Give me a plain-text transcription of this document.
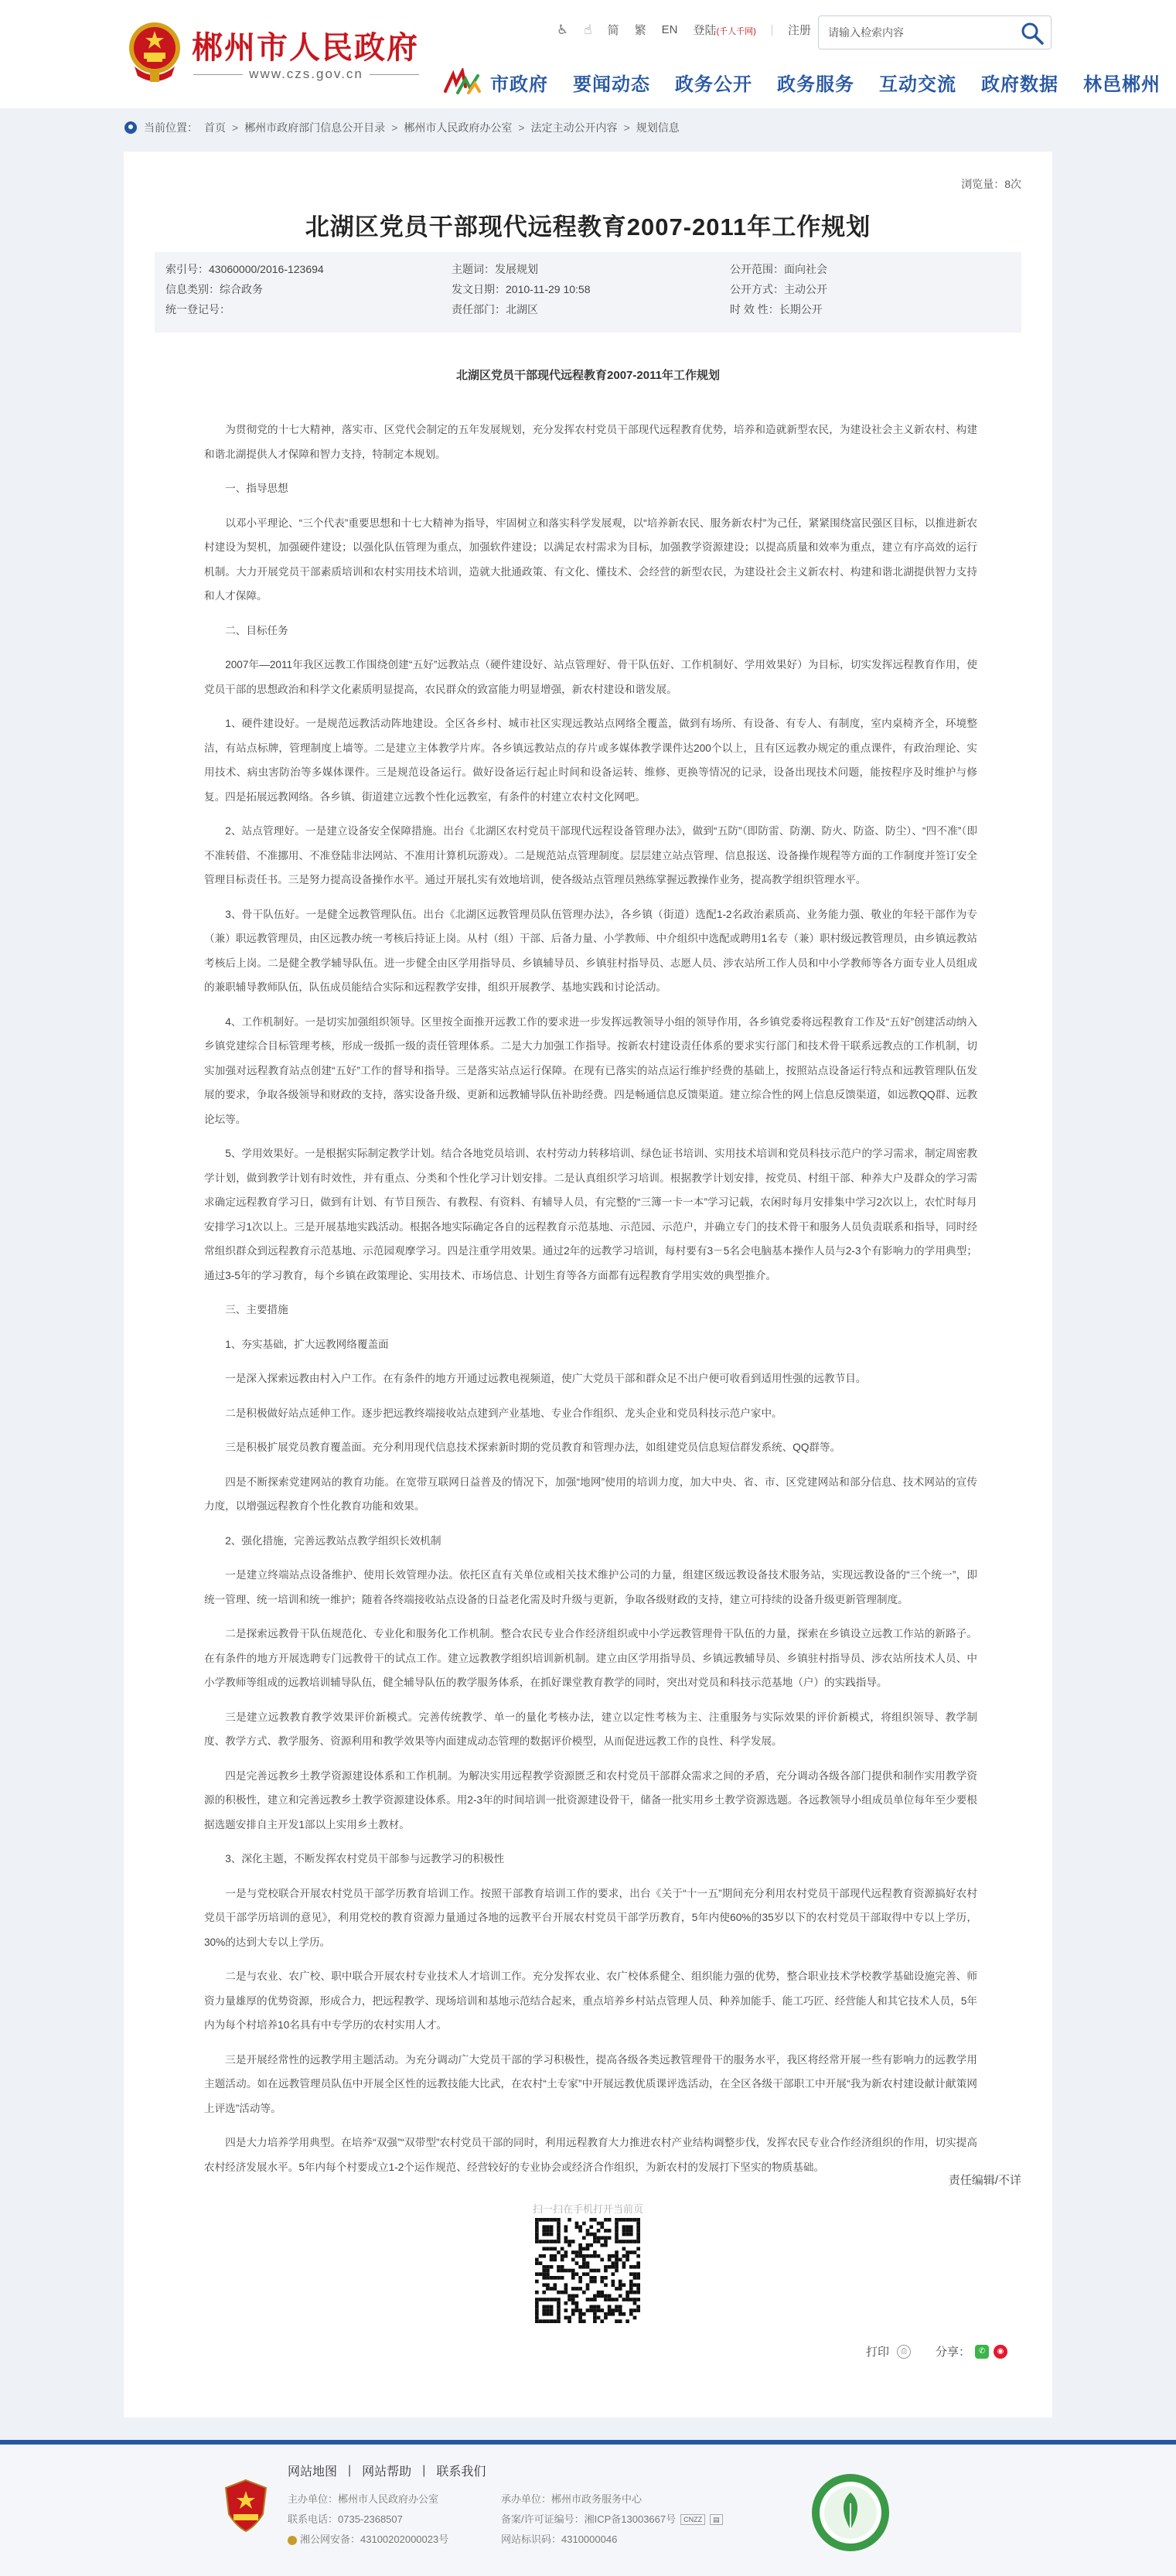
郴州市人民政府
www.czs.gov.cn
♿ ☝ 简 繁 EN 登陆(千人千网)	注册
请输入检索内容
市政府 要闻动态 政务公开 政务服务 互动交流 政府数据 林邑郴州
当前位置： 首页 > 郴州市政府部门信息公开目录 > 郴州市人民政府办公室 > 法定主动公开内容 > 规划信息
浏览量：8次
北湖区党员干部现代远程教育2007-2011年工作规划
索引号：43060000/2016-123694	主题词：发展规划	公开范围：面向社会
信息类别：综合政务	发文日期：2010-11-29 10:58	公开方式：主动公开
统一登记号：	责任部门：北湖区	时 效 性：长期公开
北湖区党员干部现代远程教育2007-2011年工作规划

为贯彻党的十七大精神，落实市、区党代会制定的五年发展规划，充分发挥农村党员干部现代远程教育优势，培养和造就新型农民，为建设社会主义新农村、构建和谐北湖提供人才保障和智力支持，特制定本规划。

一、指导思想

以邓小平理论、“三个代表”重要思想和十七大精神为指导，牢固树立和落实科学发展观，以“培养新农民、服务新农村”为己任，紧紧围绕富民强区目标，以推进新农村建设为契机，加强硬件建设；以强化队伍管理为重点，加强软件建设；以满足农村需求为目标，加强教学资源建设；以提高质量和效率为重点，建立有序高效的运行机制。大力开展党员干部素质培训和农村实用技术培训，造就大批通政策、有文化、懂技术、会经营的新型农民，为建设社会主义新农村、构建和谐北湖提供智力支持和人才保障。

二、目标任务

2007年—2011年我区远教工作围绕创建“五好”远教站点（硬件建设好、站点管理好、骨干队伍好、工作机制好、学用效果好）为目标，切实发挥远程教育作用，使党员干部的思想政治和科学文化素质明显提高，农民群众的致富能力明显增强，新农村建设和谐发展。

1、硬件建设好。一是规范远教活动阵地建设。全区各乡村、城市社区实现远教站点网络全覆盖，做到有场所、有设备、有专人、有制度，室内桌椅齐全，环境整洁，有站点标牌，管理制度上墙等。二是建立主体教学片库。各乡镇远教站点的存片或多媒体教学课件达200个以上，且有区远教办规定的重点课件，有政治理论、实用技术、病虫害防治等多媒体课件。三是规范设备运行。做好设备运行起止时间和设备运转、维修、更换等情况的记录，设备出现技术问题，能按程序及时维护与修复。四是拓展远教网络。各乡镇、街道建立远教个性化远教室，有条件的村建立农村文化网吧。

2、站点管理好。一是建立设备安全保障措施。出台《北湖区农村党员干部现代远程设备管理办法》，做到“五防”（即防雷、防潮、防火、防盗、防尘）、“四不准”（即不准转借、不准挪用、不准登陆非法网站、不准用计算机玩游戏）。二是规范站点管理制度。层层建立站点管理、信息报送、设备操作规程等方面的工作制度并签订安全管理目标责任书。三是努力提高设备操作水平。通过开展扎实有效地培训，使各级站点管理员熟练掌握远教操作业务，提高教学组织管理水平。

3、骨干队伍好。一是健全远教管理队伍。出台《北湖区远教管理员队伍管理办法》，各乡镇（街道）选配1-2名政治素质高、业务能力强、敬业的年轻干部作为专（兼）职远教管理员，由区远教办统一考核后持证上岗。从村（组）干部、后备力量、小学教师、中介组织中选配或聘用1名专（兼）职村级远教管理员，由乡镇远教站考核后上岗。二是健全教学辅导队伍。进一步健全由区学用指导员、乡镇辅导员、乡镇驻村指导员、志愿人员、涉农站所工作人员和中小学教师等各方面专业人员组成的兼职辅导教师队伍，队伍成员能结合实际和远程教学安排，组织开展教学、基地实践和讨论活动。

4、工作机制好。一是切实加强组织领导。区里按全面推开远教工作的要求进一步发挥远教领导小组的领导作用，各乡镇党委将远程教育工作及“五好”创建活动纳入乡镇党建综合目标管理考核，形成一级抓一级的责任管理体系。二是大力加强工作指导。按新农村建设责任体系的要求实行部门和技术骨干联系远教点的工作机制，切实加强对远程教育站点创建“五好”工作的督导和指导。三是落实站点运行保障。在现有已落实的站点运行维护经费的基础上，按照站点设备运行特点和远教管理队伍发展的要求，争取各级领导和财政的支持，落实设备升级、更新和远教辅导队伍补助经费。四是畅通信息反馈渠道。建立综合性的网上信息反馈渠道，如远教QQ群、远教论坛等。

5、学用效果好。一是根据实际制定教学计划。结合各地党员培训、农村劳动力转移培训、绿色证书培训、实用技术培训和党员科技示范户的学习需求，制定周密教学计划，做到教学计划有时效性，并有重点、分类和个性化学习计划安排。二是认真组织学习培训。根据教学计划安排，按党员、村组干部、种养大户及群众的学习需求确定远程教育学习日，做到有计划、有节目预告、有教程、有资料、有辅导人员，有完整的“三簿一卡一本”学习记载，农闲时每月安排集中学习2次以上，农忙时每月安排学习1次以上。三是开展基地实践活动。根据各地实际确定各自的远程教育示范基地、示范园、示范户，并确立专门的技术骨干和服务人员负责联系和指导，同时经常组织群众到远程教育示范基地、示范园观摩学习。四是注重学用效果。通过2年的远教学习培训，每村要有3－5名会电脑基本操作人员与2-3个有影响力的学用典型；通过3-5年的学习教育，每个乡镇在政策理论、实用技术、市场信息、计划生育等各方面都有远程教育学用实效的典型推介。

三、主要措施

1、夯实基础，扩大远教网络覆盖面

一是深入探索远教由村入户工作。在有条件的地方开通过远教电视频道，使广大党员干部和群众足不出户便可收看到适用性强的远教节目。

二是积极做好站点延伸工作。逐步把远教终端接收站点建到产业基地、专业合作组织、龙头企业和党员科技示范户家中。

三是积极扩展党员教育覆盖面。充分利用现代信息技术探索新时期的党员教育和管理办法，如组建党员信息短信群发系统、QQ群等。

四是不断探索党建网站的教育功能。在宽带互联网日益普及的情况下，加强“地网”使用的培训力度，加大中央、省、市、区党建网站和部分信息、技术网站的宣传力度，以增强远程教育个性化教育功能和效果。

2、强化措施，完善远教站点教学组织长效机制

一是建立终端站点设备维护、使用长效管理办法。依托区直有关单位或相关技术维护公司的力量，组建区级远教设备技术服务站，实现远教设备的“三个统一”，即统一管理、统一培训和统一维护；随着各终端接收站点设备的日益老化需及时升级与更新，争取各级财政的支持，建立可持续的设备升级更新管理制度。

二是探索远教骨干队伍规范化、专业化和服务化工作机制。整合农民专业合作经济组织或中小学远教管理骨干队伍的力量，探索在乡镇设立远教工作站的新路子。在有条件的地方开展选聘专门远教骨干的试点工作。建立远教教学组织培训新机制。建立由区学用指导员、乡镇远教辅导员、乡镇驻村指导员、涉农站所技术人员、中小学教师等组成的远教培训辅导队伍，健全辅导队伍的教学服务体系，在抓好课堂教育教学的同时，突出对党员和科技示范基地（户）的实践指导。

三是建立远教教育教学效果评价新模式。完善传统教学、单一的量化考核办法，建立以定性考核为主、注重服务与实际效果的评价新模式，将组织领导、教学制度、教学方式、教学服务、资源利用和教学效果等内面建成动态管理的数据评价模型，从而促进远教工作的良性、科学发展。

四是完善远教乡土教学资源建设体系和工作机制。为解决实用远程教学资源匮乏和农村党员干部群众需求之间的矛盾，充分调动各级各部门提供和制作实用教学资源的积极性，建立和完善远教乡土教学资源建设体系。用2-3年的时间培训一批资源建设骨干，储备一批实用乡土教学资源选题。各远教领导小组成员单位每年至少要根据选题安排自主开发1部以上实用乡土教材。

3、深化主题，不断发挥农村党员干部参与远教学习的积极性

一是与党校联合开展农村党员干部学历教育培训工作。按照干部教育培训工作的要求，出台《关于“十一五”期间充分利用农村党员干部现代远程教育资源搞好农村党员干部学历培训的意见》，利用党校的教育资源力量通过各地的远教平台开展农村党员干部学历教育，5年内使60%的35岁以下的农村党员干部取得中专以上学历，30%的达到大专以上学历。

二是与农业、农广校、职中联合开展农村专业技术人才培训工作。充分发挥农业、农广校体系健全、组织能力强的优势，整合职业技术学校教学基础设施完善、师资力量雄厚的优势资源，形成合力，把远程教学、现场培训和基地示范结合起来，重点培养乡村站点管理人员、种养加能手、能工巧匠、经营能人和其它技术人员，5年内为每个村培养10名具有中专学历的农村实用人才。

三是开展经常性的远教学用主题活动。为充分调动广大党员干部的学习积极性，提高各级各类远教管理骨干的服务水平，我区将经常开展一些有影响力的远教学用主题活动。如在远教管理员队伍中开展全区性的远教技能大比武，在农村“土专家”中开展远教优质课评选活动，在全区各级干部职工中开展“我为新农村建设献计献策网上评选”活动等。

四是大力培养学用典型。在培养“双强”“双带型”农村党员干部的同时，利用远程教育大力推进农村产业结构调整步伐，发挥农民专业合作经济组织的作用，切实提高农村经济发展水平。5年内每个村要成立1-2个运作规范、经营较好的专业协会或经济合作组织，为新农村的发展打下坚实的物质基础。

责任编辑/不详
扫一扫在手机打开当前页
打印	⎙	分享：	✆	◉
网站地图 | 网站帮助 | 联系我们
主办单位：郴州市人民政府办公室	承办单位：郴州市政务服务中心
联系电话：0735-2368507	备案/许可证编号：湘ICP备13003667号	CNZZ	▤
湘公网安备：43100202000023号	网站标识码：4310000046
